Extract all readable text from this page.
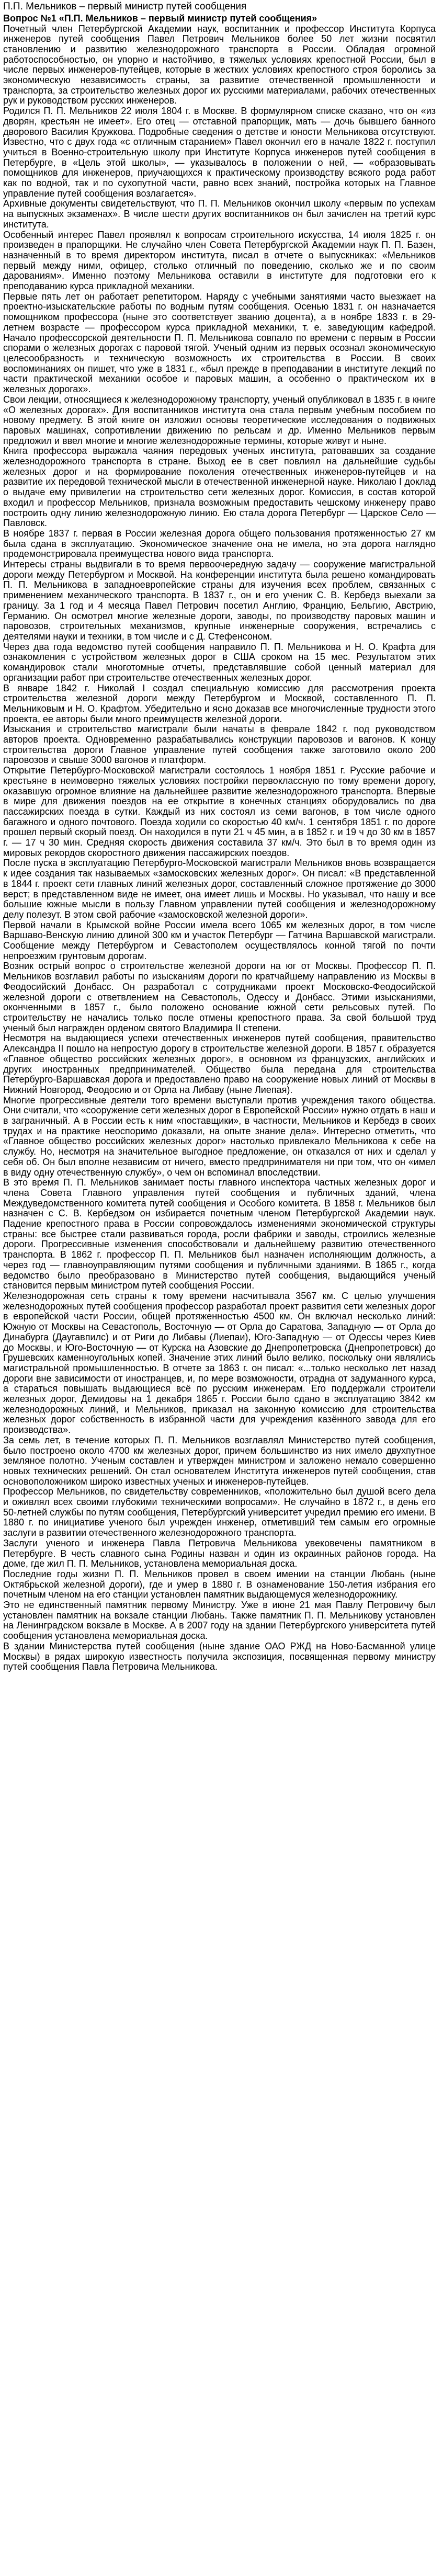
П.П. Мельников – первый министр путей сообщения
Вопрос №1 «П.П. Мельников – первый министр путей сообщения»

Почетный член Петербургской Академии наук, воспитанник и профессор Института Корпуса инженеров путей сообщения Павел Петрович Мельников более 50 лет жизни посвятил становлению и развитию железнодорожного транспорта в России. Обладая огромной работоспособностью, он упорно и настойчиво, в тяжелых условиях крепостной России, был в числе первых инженеров-путейцев, которые в жестких условиях крепостного строя боролись за экономическую независимость страны, за развитие отечественной промышленности и транспорта, за строительство железных дорог их русскими материалами, рабочих отечественных рук и руководством русских инженеров.

Родился П. П. Мельников 22 июля 1804 г. в Москве. В формулярном списке сказано, что он «из дворян, крестьян не имеет». Его отец — отставной прапорщик, мать — дочь бывшего банного дворового Василия Кружкова. Подробные сведения о детстве и юности Мельникова отсутствуют. Известно, что с двух года «с отличным старанием» Павел окончил его в начале 1822 г. поступил учиться в Военно-строительную школу при Институте Корпуса инженеров путей сообщения в Петербурге, в «Цель этой школы», — указывалось в положении о ней, — «образовывать помощников для инженеров, приучающихся к практическому производству всякого рода работ как по водной, так и по сухопутной части, равно всех знаний, постройка которых на Главное управление путей сообщения возлагается».

Архивные документы свидетельствуют, что П. П. Мельников окончил школу «первым по успехам на выпускных экзаменах». В числе шести других воспитанников он был зачислен на третий курс института.

Особенный интерес Павел проявлял к вопросам строительного искусства, 14 июля 1825 г. он произведен в прапорщики. Не случайно член Совета Петербургской Академии наук П. П. Базен, назначенный в то время директором института, писал в отчете о выпускниках: «Мельников первый между ними, офицер, столько отличный по поведению, сколько же и по своим дарованиям». Именно поэтому Мельникова оставили в институте для подготовки его к преподаванию курса прикладной механики.

Первые пять лет он работает репетитором. Наряду с учебными занятиями часто выезжает на проектно-изыскательские работы по водным путям сообщения. Осенью 1831 г. он назначается помощником профессора (ныне это соответствует званию доцента), а в ноябре 1833 г. в 29-летнем возрасте — профессором курса прикладной механики, т. е. заведующим кафедрой. Начало профессорской деятельности П. П. Мельникова совпало по времени с первым в России спорами о железных дорогах с паровой тягой. Ученый одним из первых осознал экономическую целесообразность и техническую возможность их строительства в России. В своих воспоминаниях он пишет, что уже в 1831 г., «был прежде в преподавании в институте лекций по части практической механики особое и паровых машин, а особенно о практическом их в железных дорогах».

Свои лекции, относящиеся к железнодорожному транспорту, ученый опубликовал в 1835 г. в книге «О железных дорогах». Для воспитанников института она стала первым учебным пособием по новому предмету. В этой книге он изложил основы теоретические исследования о подвижных паровых машинах, сопротивлении движению по рельсам и др. Именно Мельников первым предложил и ввел многие и многие железнодорожные термины, которые живут и ныне.

Книга профессора выражала чаяния передовых ученых института, ратовавших за создание железнодорожного транспорта в стране. Выход ее в свет повлиял на дальнейшие судьбы железных дорог и на формирование поколения отечественных инженеров-путейцев и на развитие их передовой технической мысли в отечественной инженерной науке. Николаю I доклад о выдаче ему привилегии на строительство сети железных дорог. Комиссия, в состав которой входил и профессор Мельников, признала возможным предоставить чешскому инженеру право построить одну линию железнодорожную линию. Ею стала дорога Петербург — Царское Село — Павловск.

В ноябре 1837 г. первая в России железная дорога общего пользования протяженностью 27 км была сдана в эксплуатацию. Экономическое значение она не имела, но эта дорога наглядно продемонстрировала преимущества нового вида транспорта.

Интересы страны выдвигали в то время первоочередную задачу — сооружение магистральной дороги между Петербургом и Москвой. На конференции института была решено командировать П. П. Мельникова в западноевропейские страны для изучения всех проблем, связанных с применением механического транспорта. В 1837 г., он и его ученик С. В. Кербедз выехали за границу. За 1 год и 4 месяца Павел Петрович посетил Англию, Францию, Бельгию, Австрию, Германию. Он осмотрел многие железные дороги, заводы, по производству паровых машин и паровозов, строительных механизмов, крупные инженерные сооружения, встречались с деятелями науки и техники, в том числе и с Д. Стефенсоном.

Через два года ведомство путей сообщения направило П. П. Мельникова и Н. О. Крафта для ознакомления с устройством железных дорог в США сроком на 15 мес. Результатом этих командировок стали многотомные отчеты, представлявшие собой ценный материал для организации работ при строительстве отечественных железных дорог.

В январе 1842 г. Николай I создал специальную комиссию для рассмотрения проекта строительства железной дороги между Петербургом и Москвой, составленного П. П. Мельниковым и Н. О. Крафтом. Убедительно и ясно доказав все многочисленные трудности этого проекта, ее авторы были много преимуществ железной дороги.

Изыскания и строительство магистрали были начаты в феврале 1842 г. под руководством авторов проекта. Одновременно разрабатывались конструкции паровозов и вагонов. К концу строительства дороги Главное управление путей сообщения также заготовило около 200 паровозов и свыше 3000 вагонов и платформ.

Открытие Петербурго-Московской магистрали состоялось 1 ноября 1851 г. Русские рабочие и крестьяне в неимоверно тяжелых условиях постройки первоклассную по тому времени дорогу, оказавшую огромное влияние на дальнейшее развитие железнодорожного транспорта. Впервые в мире для движения поездов на ее открытие в конечных станциях оборудовались по два пассажирских поезда в сутки. Каждый из них состоял из семи вагонов, в том числе одного багажного и одного почтового. Поезда ходили со скоростью 40 км/ч. 1 сентября 1851 г. по дороге прошел первый скорый поезд. Он находился в пути 21 ч 45 мин, а в 1852 г. и 19 ч до 30 км в 1857 г. — 17 ч 30 мин. Средняя скорость движения составила 37 км/ч. Это был в то время один из мировых рекордов скоростного движения пассажирских поездов.

После пуска в эксплуатацию Петербурго-Московской магистрали Мельников вновь возвращается к идее создания так называемых «замосковских железных дорог». Он писал: «В представленной в 1844 г. проект сети главных линий железных дорог, составленный сложное протяжение до 3000 верст; в представленном виде не имеет, она имеет лишь и Москвы. Но указывал, что нашу и все большие южные мысли в пользу Главном управлении путей сообщения и железнодорожному делу полезут. В этом свой рабочие «замосковской железной дороги».

Первой начали в Крымской войне России имела всего 1065 км железных дорог, в том числе Варшаво-Венскую линию длиной 300 км и участок Петербург — Гатчина Варшавской магистрали. Сообщение между Петербургом и Севастополем осуществлялось конной тягой по почти непроезжим грунтовым дорогам.

Возник острый вопрос о строительстве железной дороги на юг от Москвы. Профессор П. П. Мельников возглавил работы по изысканиям дороги по кратчайшему направлению из Москвы в Феодосийский Донбасс. Он разработал с сотрудниками проект Московско-Феодосийской железной дороги с ответвлением на Севастополь, Одессу и Донбасс. Этими изысканиями, оконченными в 1857 г., было положено основание южной сети рельсовых путей. По строительству не начались только после отмены крепостного права. За свой большой труд ученый был награжден орденом святого Владимира II степени.

Несмотря на выдающиеся успехи отечественных инженеров путей сообщения, правительство Александра II пошло на непростую дорогу в строительстве железной дороги. В 1857 г. образуется «Главное общество российских железных дорог», в основном из французских, английских и других иностранных предпринимателей. Общество была передана для строительства Петербурго-Варшавская дорога и предоставлено право на сооружение новых линий от Москвы в Нижний Новгород, Феодосию и от Орла на Либаву (ныне Лиепая).

Многие прогрессивные деятели того времени выступали против учреждения такого общества. Они считали, что «сооружение сети железных дорог в Европейской России» нужно отдать в наш и в заграничный. А в России есть к ним «поставщики», в частности, Мельников и Кербедз в своих трудах и на практике неоспоримо доказали, на опыте знание дела». Интересно отметить, что «Главное общество российских железных дорог» настолько привлекало Мельникова к себе на службу. Но, несмотря на значительное выгодное предложение, он отказался от них и сделал у себя об. Он был вполне независим от ничего, вместо предпринимателя ни при том, что он «имел в виду одну отечественную службу», о чем он вспоминал впоследствии.

В это время П. П. Мельников занимает посты главного инспектора частных железных дорог и члена Совета Главного управления путей сообщения и публичных зданий, члена Междуведомственного комитета путей сообщения и Особого комитета. В 1858 г. Мельников был назначен с С. В. Кербедзом он избирается почетным членом Петербургской Академии наук. Падение крепостного права в России сопровождалось изменениями экономической структуры страны: все быстрее стали развиваться города, росли фабрики и заводы, строились железные дороги. Прогрессивные изменения способствовали и дальнейшему развитию отечественного транспорта. В 1862 г. профессор П. П. Мельников был назначен исполняющим должность, а через год — главноуправляющим путями сообщения и публичными зданиями. В 1865 г., когда ведомство было преобразовано в Министерство путей сообщения, выдающийся ученый становится первым министром путей сообщения России.

Железнодорожная сеть страны к тому времени насчитывала 3567 км. С целью улучшения железнодорожных путей сообщения профессор разработал проект развития сети железных дорог в европейской части России, общей протяженностью 4500 км. Он включал несколько линий: Южную от Москвы на Севастополь, Восточную — от Орла до Саратова, Западную — от Орла до Динабурга (Даугавпилс) и от Риги до Либавы (Лиепаи), Юго-Западную — от Одессы через Киев до Москвы, и Юго-Восточную — от Курска на Азовские до Днепропетровска (Днепропетровск) до Грушевских каменноугольных копей. Значение этих линий было велико, поскольку они являлись магистральной промышленностью. В отчете за 1863 г. он писал: «...только несколько лет назад дороги вне зависимости от иностранцев, и, по мере возможности, отрадна от задуманного курса, а стараться повышать выдающиеся всё по русским инженерам. Его поддержали строители железных дорог, Демидовы на 1 декабря 1865 г. России было сдано в эксплуатацию 3842 км железнодорожных линий, и Мельников, приказал на законную комиссию для строительства железных дорог собственность в избранной части для учреждения казённого завода для его производства».

За семь лет, в течение которых П. П. Мельников возглавлял Министерство путей сообщения, было построено около 4700 км железных дорог, причем большинство из них имело двухпутное земляное полотно. Ученым составлен и утвержден министром и заложено немало совершенно новых технических решений. Он стал основателем Института инженеров путей сообщения, став основоположником широко известных ученых и инженеров-путейцев.

Профессор Мельников, по свидетельству современников, «положительно был душой всего дела и оживлял всех своими глубокими техническими вопросами». Не случайно в 1872 г., в день его 50-летней службы по путям сообщения, Петербургский университет учредил премию его имени. В 1880 г. по инициативе ученого был учрежден инженер, отметивший тем самым его огромные заслуги в развитии отечественного железнодорожного транспорта.

Заслуги ученого и инженера Павла Петровича Мельникова увековечены памятником в Петербурге. В честь славного сына Родины назван и один из окраинных районов города. На доме, где жил П. П. Мельников, установлена мемориальная доска.

Последние годы жизни П. П. Мельников провел в своем имении на станции Любань (ныне Октябрьской железной дороги), где и умер в 1880 г. В ознаменование 150-летия избрания его почетным членом на его станции установлен памятник выдающемуся железнодорожнику.

Это не единственный памятник первому Министру. Уже в июне 21 мая Павлу Петровичу был установлен памятник на вокзале станции Любань. Также памятник П. П. Мельникову установлен на Ленинградском вокзале в Москве. А в 2007 году на здании Петербургского университета путей сообщения установлена мемориальная доска.

В здании Министерства путей сообщения (ныне здание ОАО РЖД на Ново-Басманной улице Москвы) в рядах широкую известность получила экспозиция, посвященная первому министру путей сообщения Павла Петровича Мельникова.
